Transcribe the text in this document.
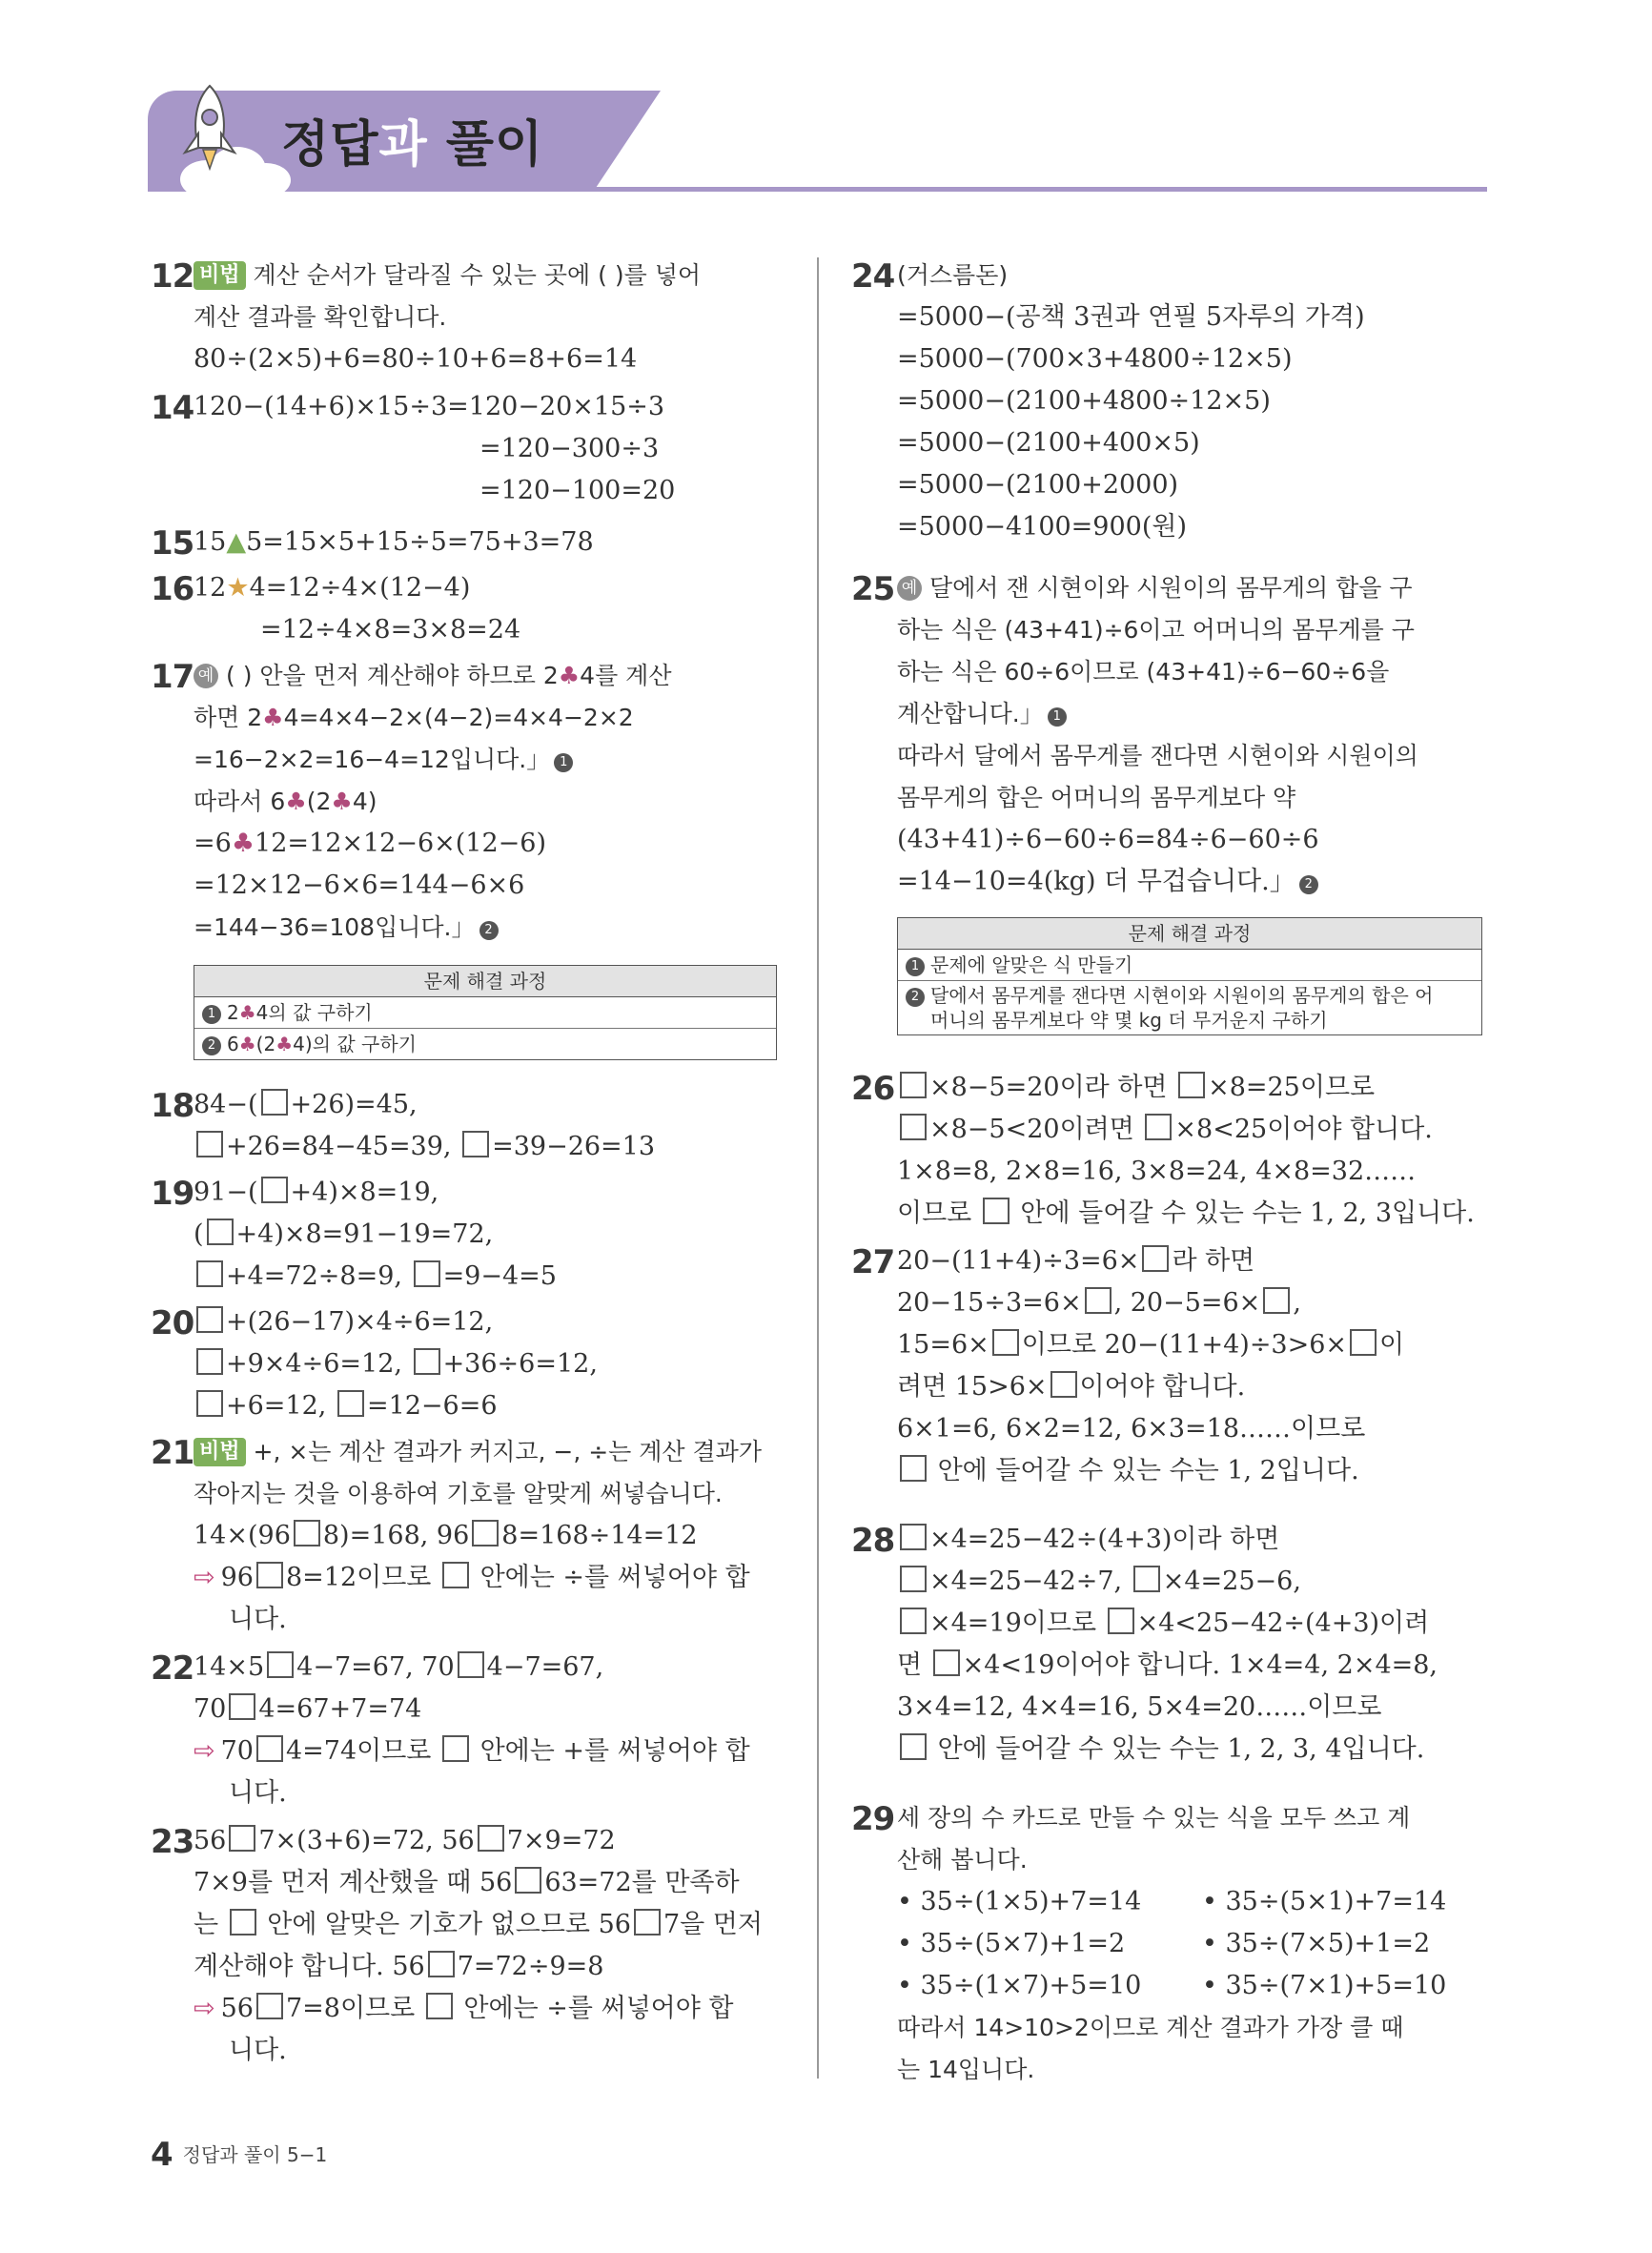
정답과 풀이
12 비법 계산 순서가 달라질 수 있는 곳에 ( )를 넣어
계산 결과를 확인합니다.
80÷(2×5)+6=80÷10+6=8+6=14
14 120−(14+6)×15÷3=120−20×15÷3
=120−300÷3
=120−100=20
15 15▲5=15×5+15÷5=75+3=78
16 12★4=12÷4×(12−4)
=12÷4×8=3×8=24
17 예 ( ) 안을 먼저 계산해야 하므로 2♣4를 계산
하면 2♣4=4×4−2×(4−2)=4×4−2×2
=16−2×2=16−4=12입니다.」 1
따라서 6♣(2♣4)
=6♣12=12×12−6×(12−6)
=12×12−6×6=144−6×6
=144−36=108입니다.」 2
문제 해결 과정
1 2♣4의 값 구하기
2 6♣(2♣4)의 값 구하기
18 84−( +26)=45,
+26=84−45=39, =39−26=13
19 91−( +4)×8=19,
( +4)×8=91−19=72,
+4=72÷8=9, =9−4=5
20	+(26−17)×4÷6=12,
+9×4÷6=12, +36÷6=12,
+6=12, =12−6=6
21 비법 +, ×는 계산 결과가 커지고, −, ÷는 계산 결과가
작아지는 것을 이용하여 기호를 알맞게 써넣습니다.
14×(96 8)=168, 96 8=168÷14=12
⇨ 96 8=12이므로  안에는 ÷를 써넣어야 합
니다.
22 14×5 4−7=67, 70 4−7=67,
70 4=67+7=74
⇨ 70 4=74이므로  안에는 +를 써넣어야 합
니다.
23 56 7×(3+6)=72, 56 7×9=72
7×9를 먼저 계산했을 때 56 63=72를 만족하
는  안에 알맞은 기호가 없으므로 56 7을 먼저
계산해야 합니다. 56 7=72÷9=8
⇨ 56 7=8이므로  안에는 ÷를 써넣어야 합
니다.
24 (거스름돈)
=5000−(공책 3권과 연필 5자루의 가격)
=5000−(700×3+4800÷12×5)
=5000−(2100+4800÷12×5)
=5000−(2100+400×5)
=5000−(2100+2000)
=5000−4100=900(원)
25 예 달에서 잰 시현이와 시원이의 몸무게의 합을 구
하는 식은 (43+41)÷6이고 어머니의 몸무게를 구
하는 식은 60÷6이므로 (43+41)÷6−60÷6을
계산합니다.」 1
따라서 달에서 몸무게를 잰다면 시현이와 시원이의
몸무게의 합은 어머니의 몸무게보다 약
(43+41)÷6−60÷6=84÷6−60÷6
=14−10=4(kg) 더 무겁습니다.」 2
문제 해결 과정
1 문제에 알맞은 식 만들기
2 달에서 몸무게를 잰다면 시현이와 시원이의 몸무게의 합은 어
머니의 몸무게보다 약 몇 kg 더 무거운지 구하기
26	×8−5=20이라 하면 ×8=25이므로
×8−5<20이려면 ×8<25이어야 합니다.
1×8=8, 2×8=16, 3×8=24, 4×8=32……
이므로  안에 들어갈 수 있는 수는 1, 2, 3입니다.
27 20−(11+4)÷3=6× 라 하면
20−15÷3=6× , 20−5=6× ,
15=6× 이므로 20−(11+4)÷3>6× 이
려면 15>6× 이어야 합니다.
6×1=6, 6×2=12, 6×3=18……이므로
안에 들어갈 수 있는 수는 1, 2입니다.
28	×4=25−42÷(4+3)이라 하면
×4=25−42÷7, ×4=25−6,
×4=19이므로 ×4<25−42÷(4+3)이려
면 ×4<19이어야 합니다. 1×4=4, 2×4=8,
3×4=12, 4×4=16, 5×4=20……이므로
안에 들어갈 수 있는 수는 1, 2, 3, 4입니다.
29 세 장의 수 카드로 만들 수 있는 식을 모두 쓰고 계
산해 봅니다.
• 35÷(1×5)+7=14 • 35÷(5×1)+7=14
• 35÷(5×7)+1=2	• 35÷(7×5)+1=2
• 35÷(1×7)+5=10 • 35÷(7×1)+5=10
따라서 14>10>2이므로 계산 결과가 가장 클 때
는 14입니다.
4 정답과 풀이 5−1
